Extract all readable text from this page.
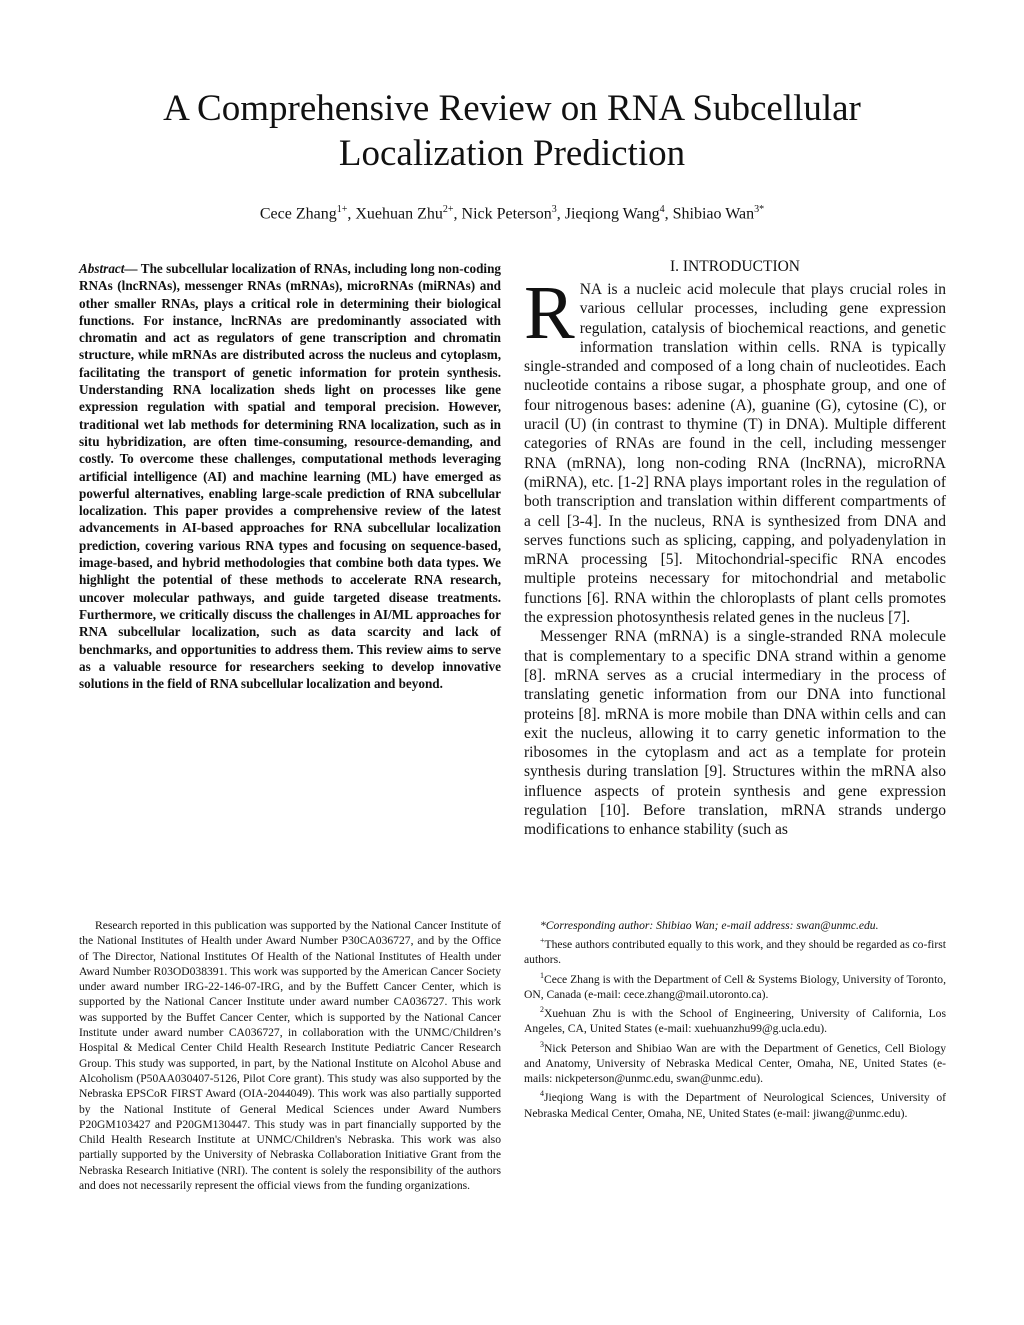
A Comprehensive Review on RNA Subcellular Localization Prediction
Cece Zhang$^{1+}$, Xuehuan Zhu$^{2+}$, Nick Peterson$^3$, Jieqiong Wang$^4$, Shibiao Wan$^{3*}$

Abstract— The subcellular localization of RNAs, including long non-coding RNAs (lncRNAs), messenger RNAs (mRNAs), microRNAs (miRNAs) and other smaller RNAs, plays a critical role in determining their biological functions. For instance, lncRNAs are predominantly associated with chromatin and act as regulators of gene transcription and chromatin structure, while mRNAs are distributed across the nucleus and cytoplasm, facilitating the transport of genetic information for protein synthesis. Understanding RNA localization sheds light on processes like gene expression regulation with spatial and temporal precision. However, traditional wet lab methods for determining RNA localization, such as in situ hybridization, are often time-consuming, resource-demanding, and costly. To overcome these challenges, computational methods leveraging artificial intelligence (AI) and machine learning (ML) have emerged as powerful alternatives, enabling large-scale prediction of RNA subcellular localization. This paper provides a comprehensive review of the latest advancements in AI-based approaches for RNA subcellular localization prediction, covering various RNA types and focusing on sequence-based, image-based, and hybrid methodologies that combine both data types. We highlight the potential of these methods to accelerate RNA research, uncover molecular pathways, and guide targeted disease treatments. Furthermore, we critically discuss the challenges in AI/ML approaches for RNA subcellular localization, such as data scarcity and lack of benchmarks, and opportunities to address them. This review aims to serve as a valuable resource for researchers seeking to develop innovative solutions in the field of RNA subcellular localization and beyond.

I. INTRODUCTION

RNA is a nucleic acid molecule that plays crucial roles in various cellular processes, including gene expression regulation, catalysis of biochemical reactions, and genetic information translation within cells. RNA is typically single-stranded and composed of a long chain of nucleotides. Each nucleotide contains a ribose sugar, a phosphate group, and one of four nitrogenous bases: adenine (A), guanine (G), cytosine (C), or uracil (U) (in contrast to thymine (T) in DNA). Multiple different categories of RNAs are found in the cell, including messenger RNA (mRNA), long non-coding RNA (lncRNA), microRNA (miRNA), etc. [1-2] RNA plays important roles in the regulation of both transcription and translation within different compartments of a cell [3-4]. In the nucleus, RNA is synthesized from DNA and serves functions such as splicing, capping, and polyadenylation in mRNA processing [5]. Mitochondrial-specific RNA encodes multiple proteins necessary for mitochondrial and metabolic functions [6]. RNA within the chloroplasts of plant cells promotes the expression photosynthesis related genes in the nucleus [7].

Messenger RNA (mRNA) is a single-stranded RNA molecule that is complementary to a specific DNA strand within a genome [8]. mRNA serves as a crucial intermediary in the process of translating genetic information from our DNA into functional proteins [8]. mRNA is more mobile than DNA within cells and can exit the nucleus, allowing it to carry genetic information to the ribosomes in the cytoplasm and act as a template for protein synthesis during translation [9]. Structures within the mRNA also influence aspects of protein synthesis and gene expression regulation [10]. Before translation, mRNA strands undergo modifications to enhance stability (such as

Research reported in this publication was supported by the National Cancer Institute of the National Institutes of Health under Award Number P30CA036727, and by the Office of The Director, National Institutes Of Health of the National Institutes of Health under Award Number R03OD038391. This work was supported by the American Cancer Society under award number IRG-22-146-07-IRG, and by the Buffett Cancer Center, which is supported by the National Cancer Institute under award number CA036727. This work was supported by the Buffet Cancer Center, which is supported by the National Cancer Institute under award number CA036727, in collaboration with the UNMC/Children’s Hospital & Medical Center Child Health Research Institute Pediatric Cancer Research Group. This study was supported, in part, by the National Institute on Alcohol Abuse and Alcoholism (P50AA030407-5126, Pilot Core grant). This study was also supported by the Nebraska EPSCoR FIRST Award (OIA-2044049). This work was also partially supported by the National Institute of General Medical Sciences under Award Numbers P20GM103427 and P20GM130447. This study was in part financially supported by the Child Health Research Institute at UNMC/Children's Nebraska. This work was also partially supported by the University of Nebraska Collaboration Initiative Grant from the Nebraska Research Initiative (NRI). The content is solely the responsibility of the authors and does not necessarily represent the official views from the funding organizations.

*Corresponding author: Shibiao Wan; e-mail address: swan@unmc.edu.

+These authors contributed equally to this work, and they should be regarded as co-first authors.

$^1$Cece Zhang is with the Department of Cell & Systems Biology, University of Toronto, ON, Canada (e-mail: cece.zhang@mail.utoronto.ca).

$^2$Xuehuan Zhu is with the School of Engineering, University of California, Los Angeles, CA, United States (e-mail: xuehuanzhu99@g.ucla.edu).

$^3$Nick Peterson and Shibiao Wan are with the Department of Genetics, Cell Biology and Anatomy, University of Nebraska Medical Center, Omaha, NE, United States (e-mails: nickpeterson@unmc.edu, swan@unmc.edu).

$^4$Jieqiong Wang is with the Department of Neurological Sciences, University of Nebraska Medical Center, Omaha, NE, United States (e-mail: jiwang@unmc.edu).
